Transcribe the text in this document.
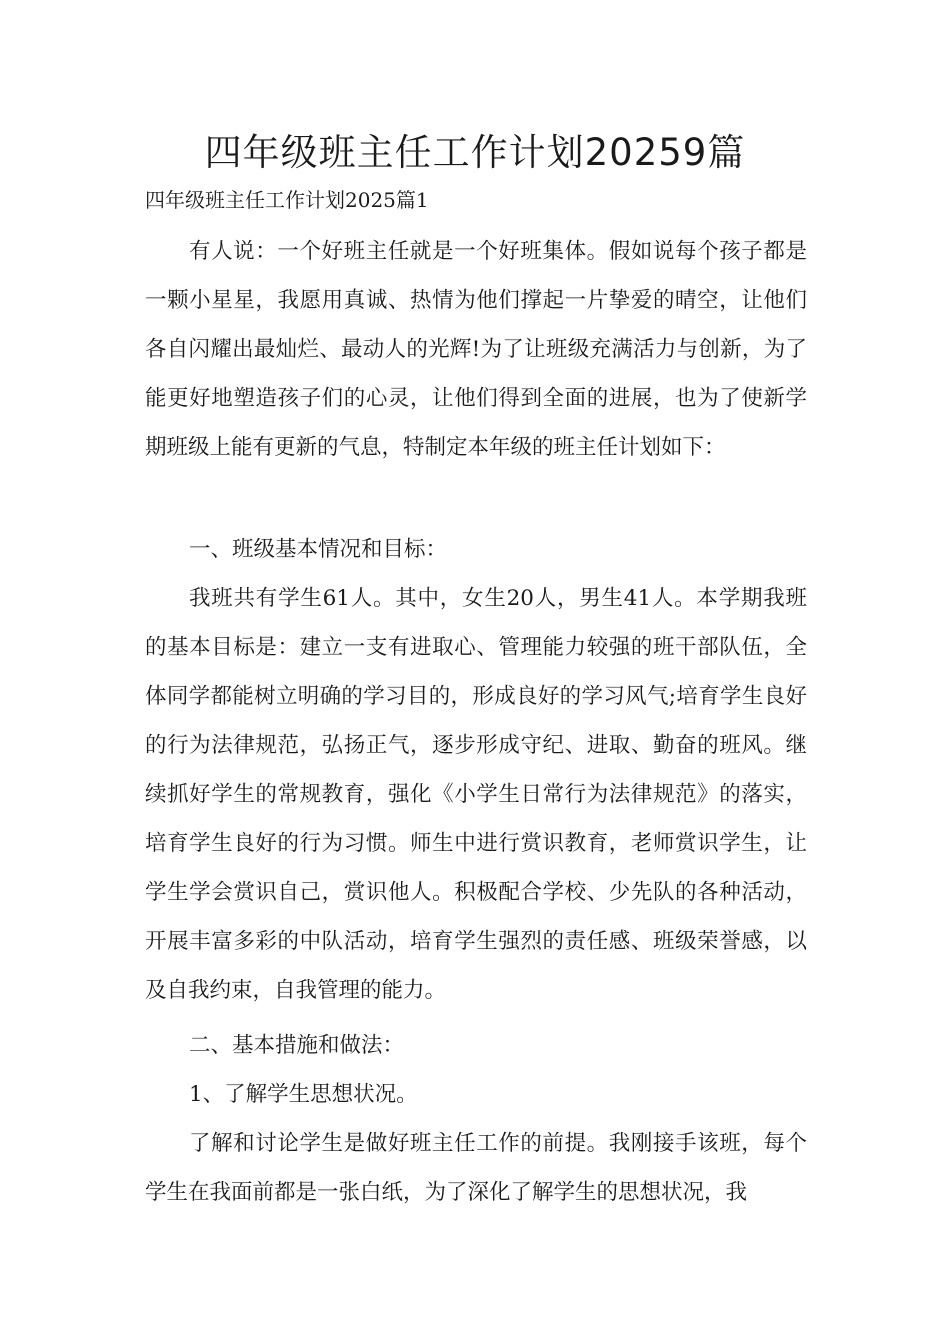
四年级班主任工作计划20259篇

四年级班主任工作计划2025篇1

有人说：一个好班主任就是一个好班集体。假如说每个孩子都是一颗小星星，我愿用真诚、热情为他们撑起一片挚爱的晴空，让他们各自闪耀出最灿烂、最动人的光辉!为了让班级充满活力与创新，为了能更好地塑造孩子们的心灵，让他们得到全面的进展，也为了使新学期班级上能有更新的气息，特制定本年级的班主任计划如下：

一、班级基本情况和目标：

我班共有学生61人。其中，女生20人，男生41人。本学期我班的基本目标是：建立一支有进取心、管理能力较强的班干部队伍，全体同学都能树立明确的学习目的，形成良好的学习风气;培育学生良好的行为法律规范，弘扬正气，逐步形成守纪、进取、勤奋的班风。继续抓好学生的常规教育，强化《小学生日常行为法律规范》的落实，培育学生良好的行为习惯。师生中进行赏识教育，老师赏识学生，让学生学会赏识自己，赏识他人。积极配合学校、少先队的各种活动，开展丰富多彩的中队活动，培育学生强烈的责任感、班级荣誉感，以及自我约束，自我管理的能力。

二、基本措施和做法：

1、了解学生思想状况。

了解和讨论学生是做好班主任工作的前提。我刚接手该班，每个学生在我面前都是一张白纸，为了深化了解学生的思想状况，我
